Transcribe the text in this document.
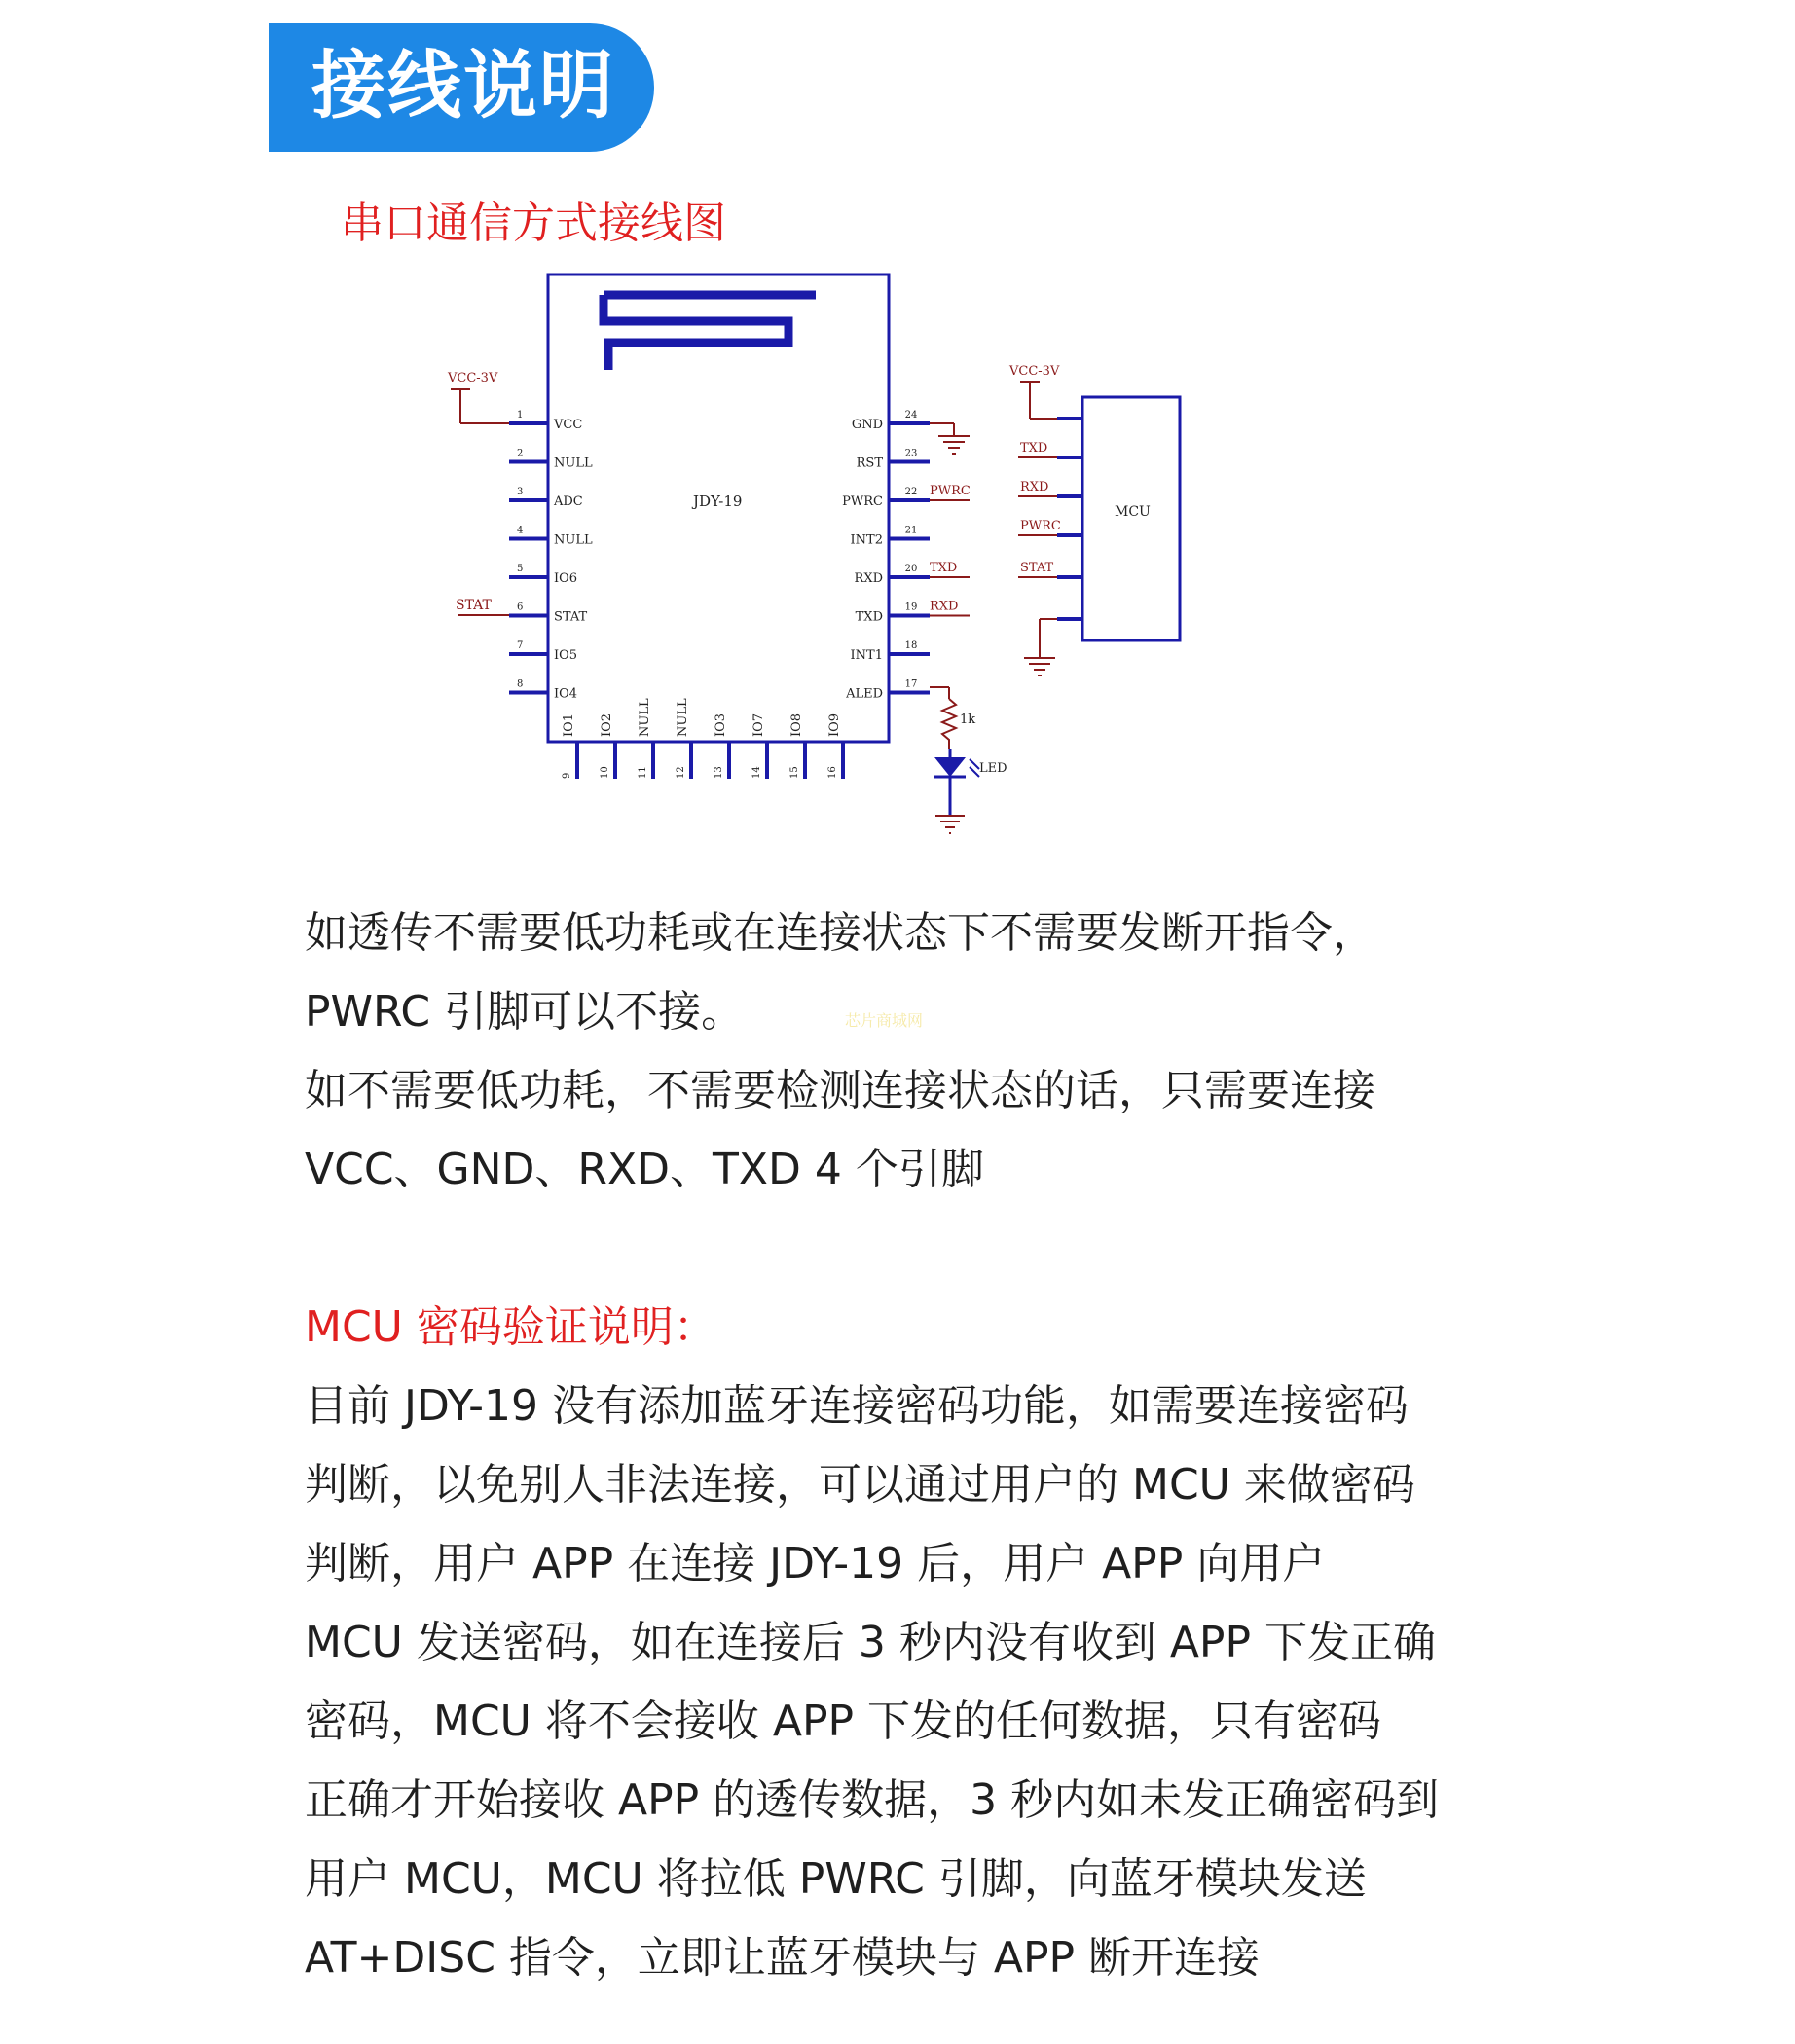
接线说明
串口通信方式接线图
JDY-19
1
VCC
2
NULL
3
ADC
4
NULL
5
IO6
6
STAT
7
IO5
8
IO4
24
GND
23
RST
22
PWRC
PWRC
21
INT2
20
RXD
TXD
19
TXD
RXD
18
INT1
17
ALED
IO1
9
IO2
10
NULL
11
NULL
12
IO3
13
IO7
14
IO8
15
IO9
16
VCC-3V
STAT
1k
LED
MCU
VCC-3V
TXD
RXD
PWRC
STAT
如透传不需要低功耗或在连接状态下不需要发断开指令，
PWRC 引脚可以不接。	芯片商城网
如不需要低功耗，不需要检测连接状态的话，只需要连接
VCC、GND、RXD、TXD 4 个引脚
MCU 密码验证说明：
目前 JDY-19 没有添加蓝牙连接密码功能，如需要连接密码
判断，以免别人非法连接，可以通过用户的 MCU 来做密码
判断，用户 APP 在连接 JDY-19 后，用户 APP 向用户
MCU 发送密码，如在连接后 3 秒内没有收到 APP 下发正确
密码，MCU 将不会接收 APP 下发的任何数据，只有密码
正确才开始接收 APP 的透传数据，3 秒内如未发正确密码到
用户 MCU，MCU 将拉低 PWRC 引脚，向蓝牙模块发送
AT+DISC 指令，立即让蓝牙模块与 APP 断开连接
